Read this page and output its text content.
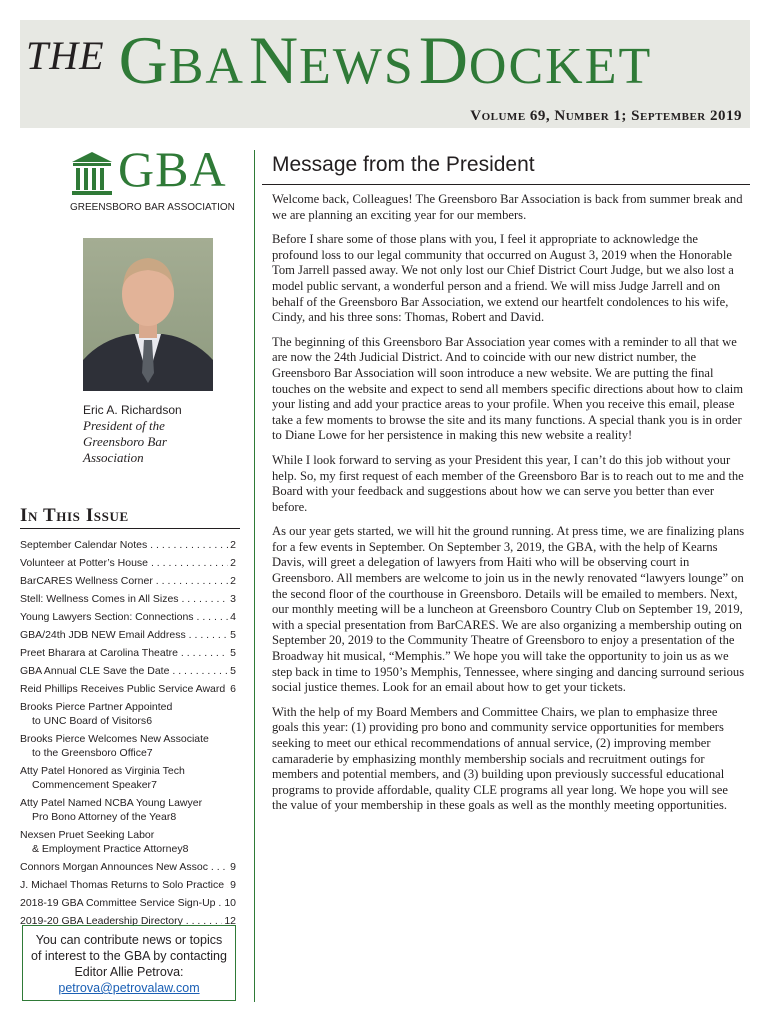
THE GBA NEWS DOCKET
Volume 69, Number 1; September 2019
GBA
GREENSBORO BAR ASSOCIATION
Eric A. Richardson
President of the
Greensboro Bar
Association
In This Issue
September Calendar Notes . . .	2
Volunteer at Potter’s House . . .	2
BarCARES Wellness Corner . . .	2
Stell: Wellness Comes in All Sizes . . .	3
Young Lawyers Section: Connections . . .	4
GBA/24th JDB NEW Email Address . . .	5
Preet Bharara at Carolina Theatre . . .	5
GBA Annual CLE Save the Date . . .	5
Reid Phillips Receives Public Service Award . . . 6
Brooks Pierce Partner Appointed
to UNC Board of Visitors 6
Brooks Pierce Welcomes New Associate
to the Greensboro Office 7
Atty Patel Honored as Virginia Tech
Commencement Speaker 7
Atty Patel Named NCBA Young Lawyer
Pro Bono Attorney of the Year 8
Nexsen Pruet Seeking Labor
& Employment Practice Attorney 8
Connors Morgan Announces New Assoc . . .	9
J. Michael Thomas Returns to Solo Practice . . . 9
2018-19 GBA Committee Service Sign-Up . . . 10
2019-20 GBA Leadership Directory . . .	12
You can contribute news or topics
of interest to the GBA by contacting
Editor Allie Petrova:
petrova@petrovalaw.com
Message from the President

Welcome back, Colleagues! The Greensboro Bar Association is back from summer break and we are planning an exciting year for our members.

Before I share some of those plans with you, I feel it appropriate to acknowledge the profound loss to our legal community that occurred on August 3, 2019 when the Honorable Tom Jarrell passed away. We not only lost our Chief District Court Judge, but we also lost a model public servant, a wonderful person and a friend. We will miss Judge Jarrell and on behalf of the Greensboro Bar Association, we extend our heartfelt condolences to his wife, Cindy, and his three sons: Thomas, Robert and David.

The beginning of this Greensboro Bar Association year comes with a reminder to all that we are now the 24th Judicial District. And to coincide with our new district number, the Greensboro Bar Association will soon introduce a new website. We are putting the final touches on the website and expect to send all members specific directions about how to claim your listing and add your practice areas to your profile. When you receive this email, please take a few moments to browse the site and its many functions. A special thank you is in order to Diane Lowe for her persistence in making this new website a reality!

While I look forward to serving as your President this year, I can’t do this job without your help. So, my first request of each member of the Greensboro Bar is to reach out to me and the Board with your feedback and suggestions about how we can serve you better than ever before.

As our year gets started, we will hit the ground running. At press time, we are finalizing plans for a few events in September. On September 3, 2019, the GBA, with the help of Kearns Davis, will greet a delegation of lawyers from Haiti who will be observing court in Greensboro. All members are welcome to join us in the newly renovated “lawyers lounge” on the second floor of the courthouse in Greensboro. Details will be emailed to members. Next, our monthly meeting will be a luncheon at Greensboro Country Club on September 19, 2019, with a special presentation from BarCARES. We are also organizing a membership outing on September 20, 2019 to the Community Theatre of Greensboro to enjoy a presentation of the Broadway hit musical, “Memphis.” We hope you will take the opportunity to join us as we step back in time to 1950’s Memphis, Tennessee, where singing and dancing surround serious social justice themes. Look for an email about how to get your tickets.

With the help of my Board Members and Committee Chairs, we plan to emphasize three goals this year: (1) providing pro bono and community service opportunities for members seeking to meet our ethical recommendations of annual service, (2) improving member camaraderie by emphasizing monthly membership socials and recruitment outings for members and potential members, and (3) building upon previously successful educational programs to provide affordable, quality CLE programs all year long. We hope you will see the value of your membership in these goals as well as the monthly meeting opportunities.
